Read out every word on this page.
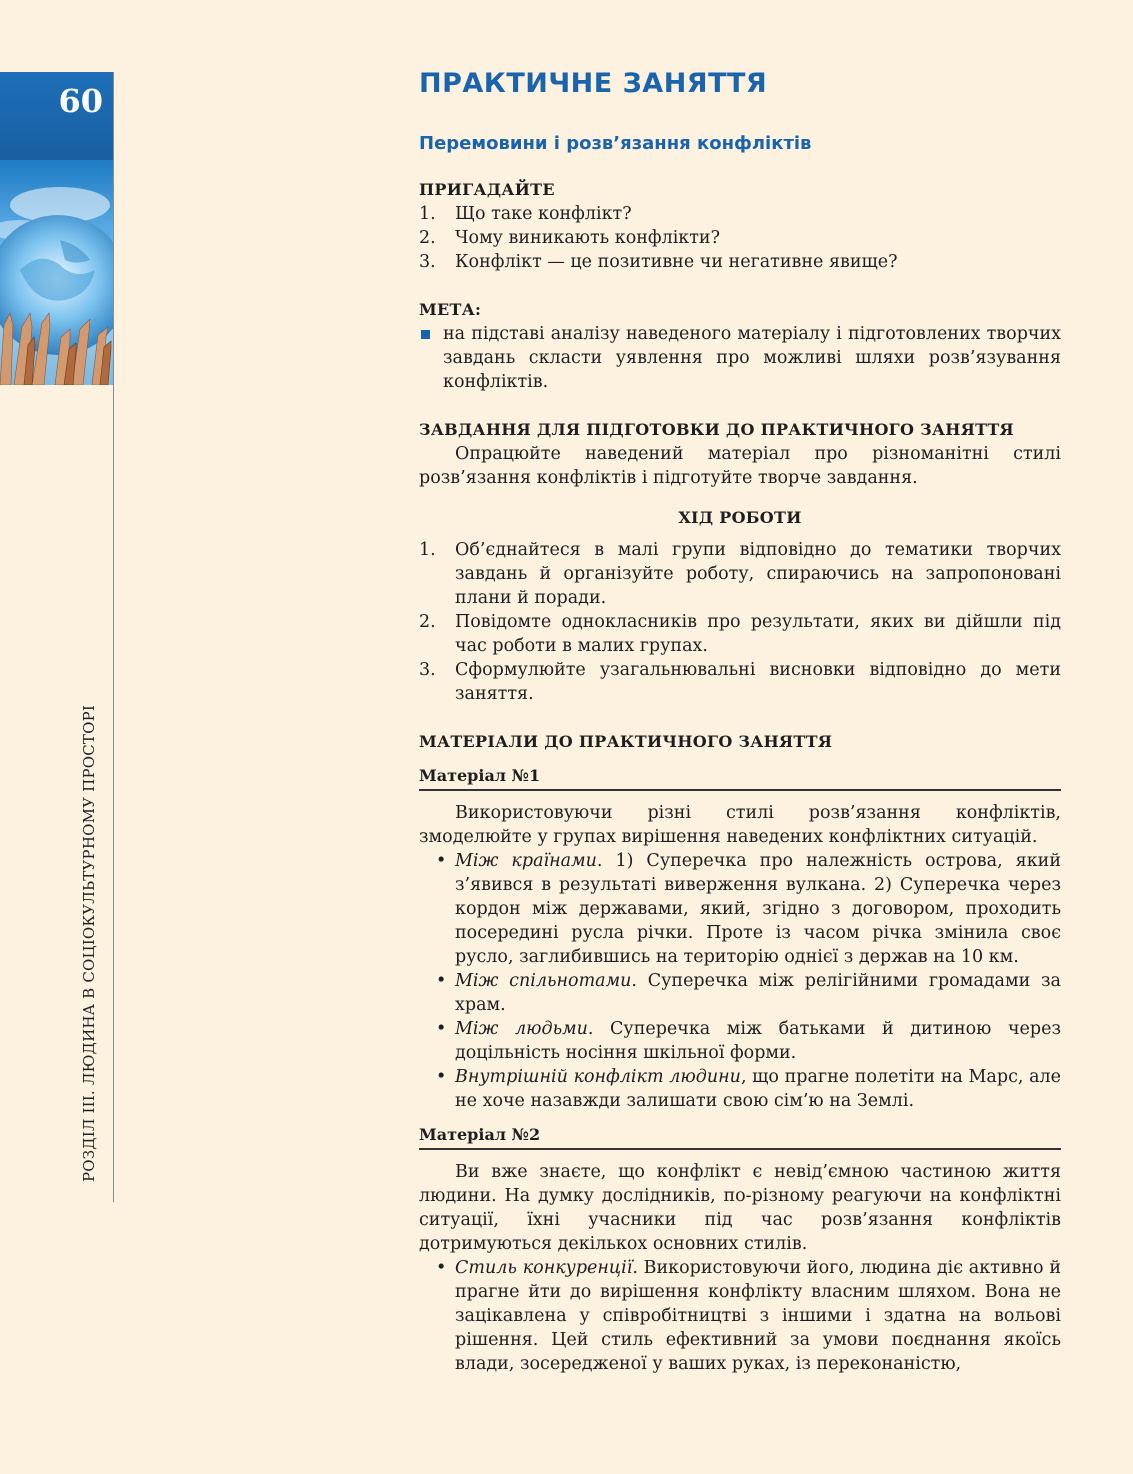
60
РОЗДІЛ ІІІ. ЛЮДИНА В СОЦІОКУЛЬТУРНОМУ ПРОСТОРІ
ПРАКТИЧНЕ ЗАНЯТТЯ
Перемовини і розв’язання конфліктів
ПРИГАДАЙТЕ
1. Що таке конфлікт?
2. Чому виникають конфлікти?
3. Конфлікт — це позитивне чи негативне явище?
МЕТА:
на підставі аналізу наведеного матеріалу і підготовлених творчих завдань скласти уявлення про можливі шляхи розв’язування конфліктів.
ЗАВДАННЯ ДЛЯ ПІДГОТОВКИ ДО ПРАКТИЧНОГО ЗАНЯТТЯ

Опрацюйте наведений матеріал про різноманітні стилі розв’язання конфліктів і підготуйте творче завдання.

ХІД РОБОТИ
1. Об’єднайтеся в малі групи відповідно до тематики творчих завдань й організуйте роботу, спираючись на запропоновані плани й поради.
2. Повідомте однокласників про результати, яких ви дійшли під час роботи в малих групах.
3. Сформулюйте узагальнювальні висновки відповідно до мети заняття.
МАТЕРІАЛИ ДО ПРАКТИЧНОГО ЗАНЯТТЯ
Матеріал №1

Використовуючи різні стилі розв’язання конфліктів, змоделюйте у групах вирішення наведених конфліктних ситуацій.

• Між країнами. 1) Суперечка про належність острова, який з’явився в результаті виверження вулкана. 2) Суперечка через кордон між державами, який, згідно з договором, проходить посередині русла річки. Проте із часом річка змінила своє русло, заглибившись на територію однієї з держав на 10 км.
• Між спільнотами. Суперечка між релігійними громадами за храм.
• Між людьми. Суперечка між батьками й дитиною через доцільність носіння шкільної форми.
• Внутрішній конфлікт людини, що прагне полетіти на Марс, але не хоче назавжди залишати свою сім’ю на Землі.
Матеріал №2

Ви вже знаєте, що конфлікт є невід’ємною частиною життя людини. На думку дослідників, по-різному реагуючи на конфліктні ситуації, їхні учасники під час розв’язання конфліктів дотримуються декількох основних стилів.

• Стиль конкуренції. Використовуючи його, людина діє активно й прагне йти до вирішення конфлікту власним шляхом. Вона не зацікавлена у співробітництві з іншими і здатна на вольові рішення. Цей стиль ефективний за умови поєднання якоїсь влади, зосередженої у ваших руках, із переконаністю,
